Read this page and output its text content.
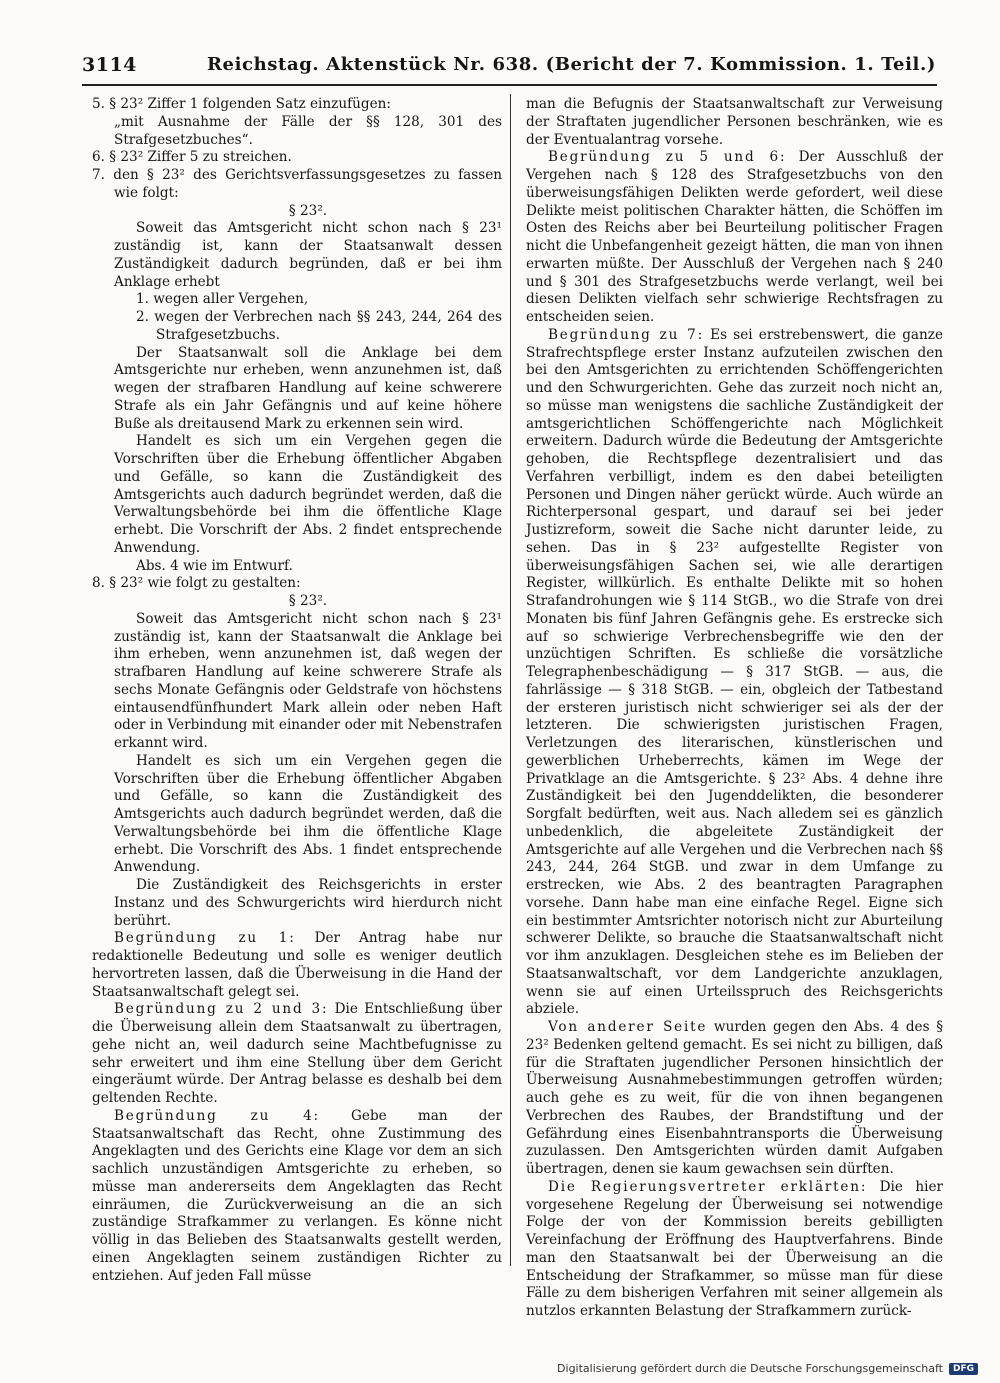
3114	Reichstag. Aktenstück Nr. 638. (Bericht der 7. Kommission. 1. Teil.)

5. § 23² Ziffer 1 folgenden Satz einzufügen:

„mit Ausnahme der Fälle der §§ 128, 301 des Strafgesetzbuches“.

6. § 23² Ziffer 5 zu streichen.

7. den § 23² des Gerichtsverfassungsgesetzes zu fassen wie folgt:

§ 23².

Soweit das Amtsgericht nicht schon nach § 23¹ zuständig ist, kann der Staatsanwalt dessen Zuständigkeit dadurch begründen, daß er bei ihm Anklage erhebt

1. wegen aller Vergehen,

2. wegen der Verbrechen nach §§ 243, 244, 264 des Strafgesetzbuchs.

Der Staatsanwalt soll die Anklage bei dem Amtsgerichte nur erheben, wenn anzunehmen ist, daß wegen der strafbaren Handlung auf keine schwerere Strafe als ein Jahr Gefängnis und auf keine höhere Buße als dreitausend Mark zu erkennen sein wird.

Handelt es sich um ein Vergehen gegen die Vorschriften über die Erhebung öffentlicher Abgaben und Gefälle, so kann die Zuständigkeit des Amtsgerichts auch dadurch begründet werden, daß die Verwaltungsbehörde bei ihm die öffentliche Klage erhebt. Die Vorschrift der Abs. 2 findet entsprechende Anwendung.

Abs. 4 wie im Entwurf.

8. § 23² wie folgt zu gestalten:

§ 23².

Soweit das Amtsgericht nicht schon nach § 23¹ zuständig ist, kann der Staatsanwalt die Anklage bei ihm erheben, wenn anzunehmen ist, daß wegen der strafbaren Handlung auf keine schwerere Strafe als sechs Monate Gefängnis oder Geldstrafe von höchstens eintausendfünfhundert Mark allein oder neben Haft oder in Verbindung mit einander oder mit Nebenstrafen erkannt wird.

Handelt es sich um ein Vergehen gegen die Vorschriften über die Erhebung öffentlicher Abgaben und Gefälle, so kann die Zuständigkeit des Amtsgerichts auch dadurch begründet werden, daß die Verwaltungsbehörde bei ihm die öffentliche Klage erhebt. Die Vorschrift des Abs. 1 findet entsprechende Anwendung.

Die Zuständigkeit des Reichsgerichts in erster Instanz und des Schwurgerichts wird hierdurch nicht berührt.

Begründung zu 1: Der Antrag habe nur redaktionelle Bedeutung und solle es weniger deutlich hervortreten lassen, daß die Überweisung in die Hand der Staatsanwaltschaft gelegt sei.

Begründung zu 2 und 3: Die Entschließung über die Überweisung allein dem Staatsanwalt zu übertragen, gehe nicht an, weil dadurch seine Machtbefugnisse zu sehr erweitert und ihm eine Stellung über dem Gericht eingeräumt würde. Der Antrag belasse es deshalb bei dem geltenden Rechte.

Begründung zu 4: Gebe man der Staatsanwaltschaft das Recht, ohne Zustimmung des Angeklagten und des Gerichts eine Klage vor dem an sich sachlich unzuständigen Amtsgerichte zu erheben, so müsse man andererseits dem Angeklagten das Recht einräumen, die Zurückverweisung an die an sich zuständige Strafkammer zu verlangen. Es könne nicht völlig in das Belieben des Staatsanwalts gestellt werden, einen Angeklagten seinem zuständigen Richter zu entziehen. Auf jeden Fall müsse

man die Befugnis der Staatsanwaltschaft zur Verweisung der Straftaten jugendlicher Personen beschränken, wie es der Eventualantrag vorsehe.

Begründung zu 5 und 6: Der Ausschluß der Vergehen nach § 128 des Strafgesetzbuchs von den überweisungsfähigen Delikten werde gefordert, weil diese Delikte meist politischen Charakter hätten, die Schöffen im Osten des Reichs aber bei Beurteilung politischer Fragen nicht die Unbefangenheit gezeigt hätten, die man von ihnen erwarten müßte. Der Ausschluß der Vergehen nach § 240 und § 301 des Strafgesetzbuchs werde verlangt, weil bei diesen Delikten vielfach sehr schwierige Rechtsfragen zu entscheiden seien.

Begründung zu 7: Es sei erstrebenswert, die ganze Strafrechtspflege erster Instanz aufzuteilen zwischen den bei den Amtsgerichten zu errichtenden Schöffengerichten und den Schwurgerichten. Gehe das zurzeit noch nicht an, so müsse man wenigstens die sachliche Zuständigkeit der amtsgerichtlichen Schöffengerichte nach Möglichkeit erweitern. Dadurch würde die Bedeutung der Amtsgerichte gehoben, die Rechtspflege dezentralisiert und das Verfahren verbilligt, indem es den dabei beteiligten Personen und Dingen näher gerückt würde. Auch würde an Richterpersonal gespart, und darauf sei bei jeder Justizreform, soweit die Sache nicht darunter leide, zu sehen. Das in § 23² aufgestellte Register von überweisungsfähigen Sachen sei, wie alle derartigen Register, willkürlich. Es enthalte Delikte mit so hohen Strafandrohungen wie § 114 StGB., wo die Strafe von drei Monaten bis fünf Jahren Gefängnis gehe. Es erstrecke sich auf so schwierige Verbrechensbegriffe wie den der unzüchtigen Schriften. Es schließe die vorsätzliche Telegraphenbeschädigung — § 317 StGB. — aus, die fahrlässige — § 318 StGB. — ein, obgleich der Tatbestand der ersteren juristisch nicht schwieriger sei als der der letzteren. Die schwierigsten juristischen Fragen, Verletzungen des literarischen, künstlerischen und gewerblichen Urheberrechts, kämen im Wege der Privatklage an die Amtsgerichte. § 23² Abs. 4 dehne ihre Zuständigkeit bei den Jugenddelikten, die besonderer Sorgfalt bedürften, weit aus. Nach alledem sei es gänzlich unbedenklich, die abgeleitete Zuständigkeit der Amtsgerichte auf alle Vergehen und die Verbrechen nach §§ 243, 244, 264 StGB. und zwar in dem Umfange zu erstrecken, wie Abs. 2 des beantragten Paragraphen vorsehe. Dann habe man eine einfache Regel. Eigne sich ein bestimmter Amtsrichter notorisch nicht zur Aburteilung schwerer Delikte, so brauche die Staatsanwaltschaft nicht vor ihm anzuklagen. Desgleichen stehe es im Belieben der Staatsanwaltschaft, vor dem Landgerichte anzuklagen, wenn sie auf einen Urteilsspruch des Reichsgerichts abziele.

Von anderer Seite wurden gegen den Abs. 4 des § 23² Bedenken geltend gemacht. Es sei nicht zu billigen, daß für die Straftaten jugendlicher Personen hinsichtlich der Überweisung Ausnahmebestimmungen getroffen würden; auch gehe es zu weit, für die von ihnen begangenen Verbrechen des Raubes, der Brandstiftung und der Gefährdung eines Eisenbahntransports die Überweisung zuzulassen. Den Amtsgerichten würden damit Aufgaben übertragen, denen sie kaum gewachsen sein dürften.

Die Regierungsvertreter erklärten: Die hier vorgesehene Regelung der Überweisung sei notwendige Folge der von der Kommission bereits gebilligten Vereinfachung der Eröffnung des Hauptverfahrens. Binde man den Staatsanwalt bei der Überweisung an die Entscheidung der Strafkammer, so müsse man für diese Fälle zu dem bisherigen Verfahren mit seiner allgemein als nutzlos erkannten Belastung der Strafkammern zurück-

Digitalisierung gefördert durch die Deutsche Forschungsgemeinschaft	DFG
